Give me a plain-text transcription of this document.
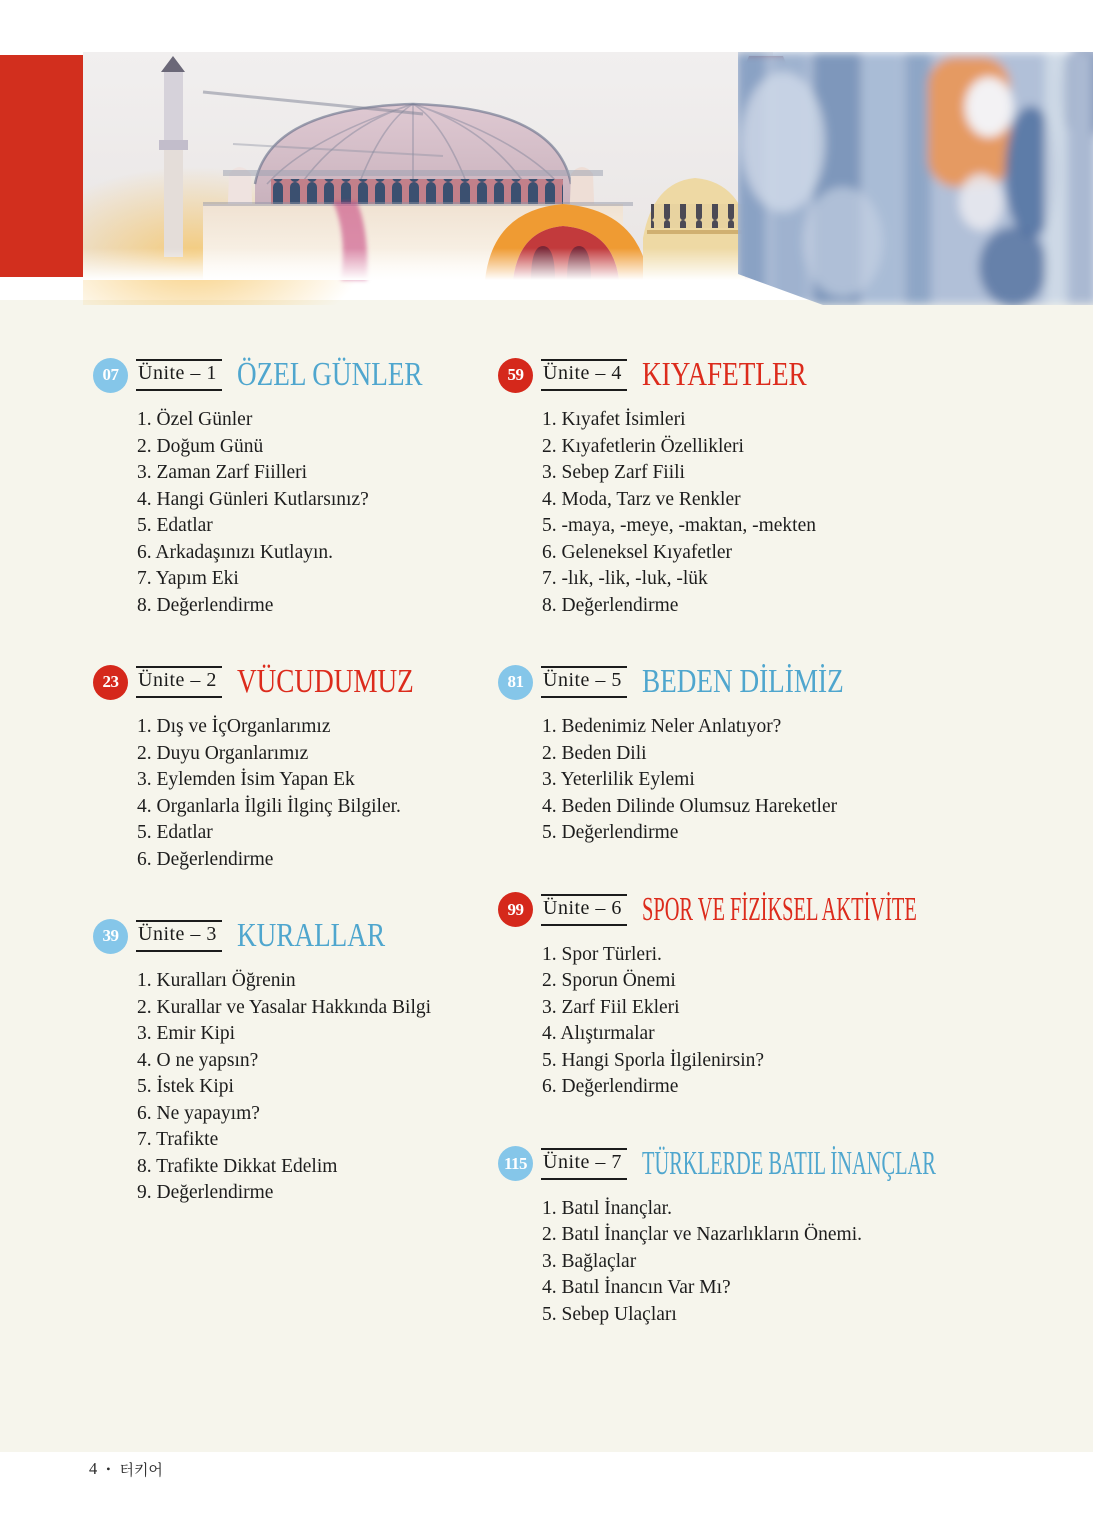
07 Ünite – 1 ÖZEL GÜNLER
1. Özel Günler
2. Doğum Günü
3. Zaman Zarf Fiilleri
4. Hangi Günleri Kutlarsınız?
5. Edatlar
6. Arkadaşınızı Kutlayın.
7. Yapım Eki
8. Değerlendirme
23 Ünite – 2 VÜCUDUMUZ
1. Dış ve İçOrganlarımız
2. Duyu Organlarımız
3. Eylemden İsim Yapan Ek
4. Organlarla İlgili İlginç Bilgiler.
5. Edatlar
6. Değerlendirme
39 Ünite – 3 KURALLAR
1. Kuralları Öğrenin
2. Kurallar ve Yasalar Hakkında Bilgi
3. Emir Kipi
4. O ne yapsın?
5. İstek Kipi
6. Ne yapayım?
7. Trafikte
8. Trafikte Dikkat Edelim
9. Değerlendirme
59 Ünite – 4 KIYAFETLER
1. Kıyafet İsimleri
2. Kıyafetlerin Özellikleri
3. Sebep Zarf Fiili
4. Moda, Tarz ve Renkler
5. -maya, -meye, -maktan, -mekten
6. Geleneksel Kıyafetler
7. -lık, -lik, -luk, -lük
8. Değerlendirme
81 Ünite – 5 BEDEN DİLİMİZ
1. Bedenimiz Neler Anlatıyor?
2. Beden Dili
3. Yeterlilik Eylemi
4. Beden Dilinde Olumsuz Hareketler
5. Değerlendirme
99 Ünite – 6 SPOR VE FİZİKSEL AKTİVİTE
1. Spor Türleri.
2. Sporun Önemi
3. Zarf Fiil Ekleri
4. Alıştırmalar
5. Hangi Sporla İlgilenirsin?
6. Değerlendirme
115 Ünite – 7 TÜRKLERDE BATIL İNANÇLAR
1. Batıl İnançlar.
2. Batıl İnançlar ve Nazarlıkların Önemi.
3. Bağlaçlar
4. Batıl İnancın Var Mı?
5. Sebep Ulaçları
4 • 터키어
